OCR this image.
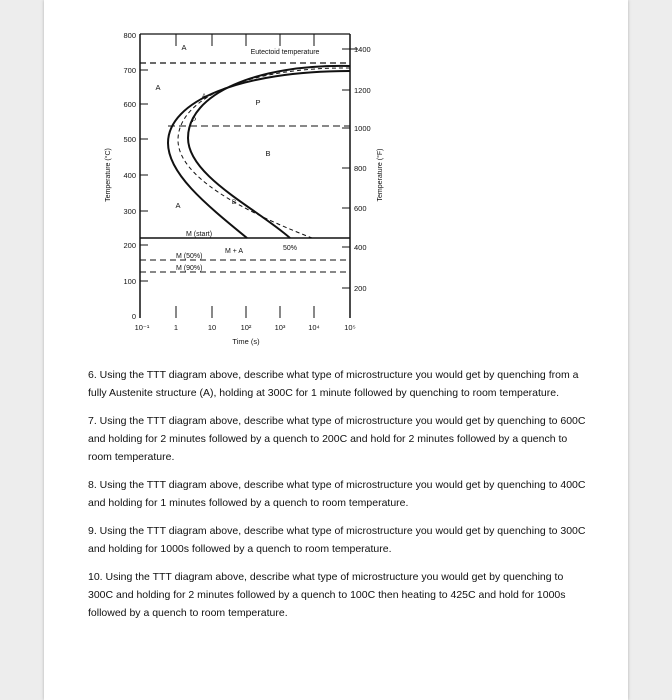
Temperature (°C)	Temperature (°F)
800
700
600
500
400
300
200
100
0
1400
1200
1000
800
600
400
200
10⁻¹	1	10	10²	10³	10⁴	10⁵
Time (s)
Eutectoid temperature
A
A
A
A
P
P
B
B
M (start)
M + A	50%
M (50%)
M (90%)

6. Using the TTT diagram above, describe what type of microstructure you would get by quenching from a fully Austenite structure (A), holding at 300C for 1 minute followed by quenching to room temperature.

7. Using the TTT diagram above, describe what type of microstructure you would get by quenching to 600C and holding for 2 minutes followed by a quench to 200C and hold for 2 minutes followed by a quench to room temperature.

8. Using the TTT diagram above, describe what type of microstructure you would get by quenching to 400C and holding for 1 minutes followed by a quench to room temperature.

9. Using the TTT diagram above, describe what type of microstructure you would get by quenching to 300C and holding for 1000s followed by a quench to room temperature.

10. Using the TTT diagram above, describe what type of microstructure you would get by quenching to 300C and holding for 2 minutes followed by a quench to 100C then heating to 425C and hold for 1000s followed by a quench to room temperature.
